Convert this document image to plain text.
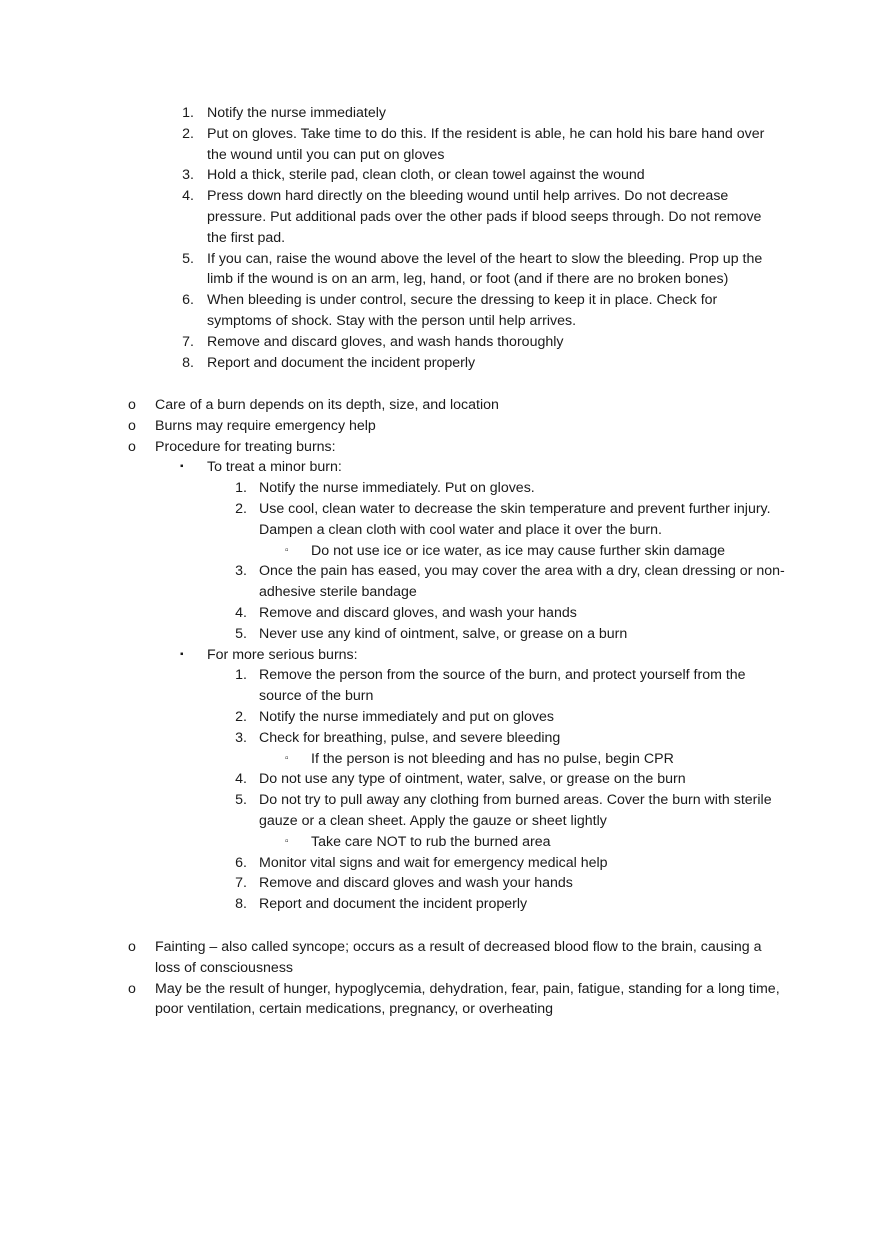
1. Notify the nurse immediately
2. Put on gloves. Take time to do this. If the resident is able, he can hold his bare hand over the wound until you can put on gloves
3. Hold a thick, sterile pad, clean cloth, or clean towel against the wound
4. Press down hard directly on the bleeding wound until help arrives. Do not decrease pressure. Put additional pads over the other pads if blood seeps through. Do not remove the first pad.
5. If you can, raise the wound above the level of the heart to slow the bleeding. Prop up the limb if the wound is on an arm, leg, hand, or foot (and if there are no broken bones)
6. When bleeding is under control, secure the dressing to keep it in place. Check for symptoms of shock. Stay with the person until help arrives.
7. Remove and discard gloves, and wash hands thoroughly
8. Report and document the incident properly
o Care of a burn depends on its depth, size, and location
o Burns may require emergency help
o Procedure for treating burns:
▪ To treat a minor burn:
1. Notify the nurse immediately. Put on gloves.
2. Use cool, clean water to decrease the skin temperature and prevent further injury. Dampen a clean cloth with cool water and place it over the burn.
▫ Do not use ice or ice water, as ice may cause further skin damage
3. Once the pain has eased, you may cover the area with a dry, clean dressing or non-adhesive sterile bandage
4. Remove and discard gloves, and wash your hands
5. Never use any kind of ointment, salve, or grease on a burn
▪ For more serious burns:
1. Remove the person from the source of the burn, and protect yourself from the source of the burn
2. Notify the nurse immediately and put on gloves
3. Check for breathing, pulse, and severe bleeding
▫ If the person is not bleeding and has no pulse, begin CPR
4. Do not use any type of ointment, water, salve, or grease on the burn
5. Do not try to pull away any clothing from burned areas. Cover the burn with sterile gauze or a clean sheet. Apply the gauze or sheet lightly
▫ Take care NOT to rub the burned area
6. Monitor vital signs and wait for emergency medical help
7. Remove and discard gloves and wash your hands
8. Report and document the incident properly
o Fainting – also called syncope; occurs as a result of decreased blood flow to the brain, causing a loss of consciousness
o May be the result of hunger, hypoglycemia, dehydration, fear, pain, fatigue, standing for a long time, poor ventilation, certain medications, pregnancy, or overheating
